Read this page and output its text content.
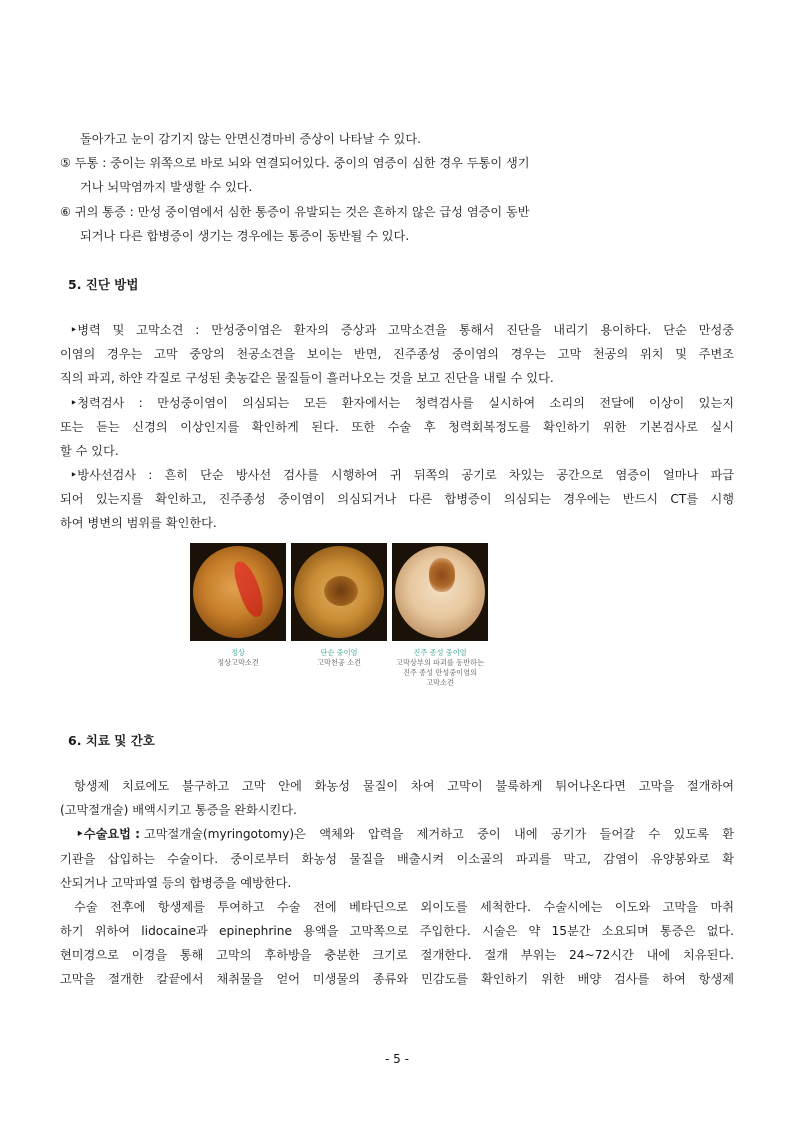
돌아가고 눈이 감기지 않는 안면신경마비 증상이 나타날 수 있다.
⑤ 두통 : 중이는 위쪽으로 바로 뇌와 연결되어있다. 중이의 염증이 심한 경우 두통이 생기
거나 뇌막염까지 발생할 수 있다.
⑥ 귀의 통증 : 만성 중이염에서 심한 통증이 유발되는 것은 흔하지 않은 급성 염증이 동반
되거나 다른 합병증이 생기는 경우에는 통증이 동반될 수 있다.
5. 진단 방법
‣병력 및 고막소견 : 만성중이염은 환자의 증상과 고막소견을 통해서 진단을 내리기 용이하다. 단순 만성중
이염의 경우는 고막 중앙의 천공소견을 보이는 반면, 진주종성 중이염의 경우는 고막 천공의 위치 및 주변조
직의 파괴, 하얀 각질로 구성된 촛농같은 물질들이 흘러나오는 것을 보고 진단을 내릴 수 있다.
‣청력검사 : 만성중이염이 의심되는 모든 환자에서는 청력검사를 실시하여 소리의 전달에 이상이 있는지
또는 듣는 신경의 이상인지를 확인하게 된다. 또한 수술 후 청력회복정도를 확인하기 위한 기본검사로 실시
할 수 있다.
‣방사선검사 : 흔히 단순 방사선 검사를 시행하여 귀 뒤쪽의 공기로 차있는 공간으로 염증이 얼마나 파급
되어 있는지를 확인하고, 진주종성 중이염이 의심되거나 다른 합병증이 의심되는 경우에는 반드시 CT를 시행
하여 병변의 범위를 확인한다.
정상
정상고막소견
단순 중이염
고막천공 소견
진주 종성 중이염
고막상부의 파괴를 동반하는
진주 종성 만성중이염의
고막소견
6. 치료 및 간호
항생제 치료에도 불구하고 고막 안에 화농성 물질이 차여 고막이 불룩하게 튀어나온다면 고막을 절개하여
(고막절개술) 배액시키고 통증을 완화시킨다.
‣수술요법 : 고막절개술(myringotomy)은 액체와 압력을 제거하고 중이 내에 공기가 들어갈 수 있도록 환
기관을 삽입하는 수술이다. 중이로부터 화농성 물질을 배출시켜 이소골의 파괴를 막고, 감염이 유양봉와로 확
산되거나 고막파열 등의 합병증을 예방한다.
수술 전후에 항생제를 투여하고 수술 전에 베타딘으로 외이도를 세척한다. 수술시에는 이도와 고막을 마취
하기 위하여 lidocaine과 epinephrine 용액을 고막쪽으로 주입한다. 시술은 약 15분간 소요되며 통증은 없다.
현미경으로 이경을 통해 고막의 후하방을 충분한 크기로 절개한다. 절개 부위는 24~72시간 내에 치유된다.
고막을 절개한 칼끝에서 채취물을 얻어 미생물의 종류와 민감도를 확인하기 위한 배양 검사를 하여 항생제
- 5 -
